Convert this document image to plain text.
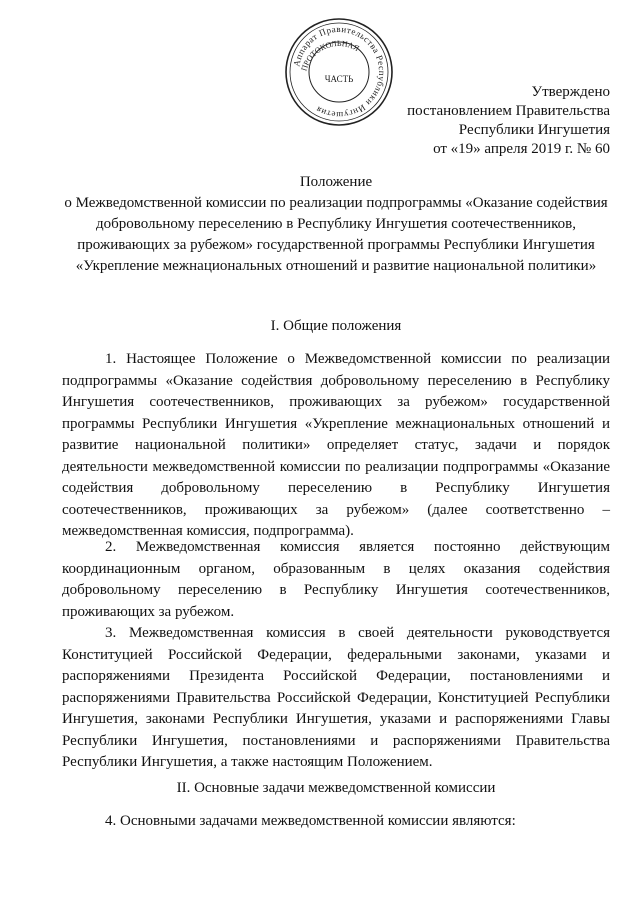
Аппарат Правительства Республики Ингушетия
ПРОТОКОЛЬНАЯ
ЧАСТЬ
Утверждено
постановлением Правительства
Республики Ингушетия
от «19» апреля 2019 г. № 60
Положение
о Межведомственной комиссии по реализации подпрограммы «Оказание содействия добровольному переселению в Республику Ингушетия соотечественников, проживающих за рубежом» государственной программы Республики Ингушетия «Укрепление межнациональных отношений и развитие национальной политики»
I. Общие положения

1. Настоящее Положение о Межведомственной комиссии по реализации подпрограммы «Оказание содействия добровольному переселению в Республику Ингушетия соотечественников, проживающих за рубежом» государственной программы Республики Ингушетия «Укрепление межнациональных отношений и развитие национальной политики» определяет статус, задачи и порядок деятельности межведомственной комиссии по реализации подпрограммы «Оказание содействия добровольному переселению в Республику Ингушетия соотечественников, проживающих за рубежом» (далее соответственно – межведомственная комиссия, подпрограмма).

2. Межведомственная комиссия является постоянно действующим координационным органом, образованным в целях оказания содействия добровольному переселению в Республику Ингушетия соотечественников, проживающих за рубежом.

3. Межведомственная комиссия в своей деятельности руководствуется Конституцией Российской Федерации, федеральными законами, указами и распоряжениями Президента Российской Федерации, постановлениями и распоряжениями Правительства Российской Федерации, Конституцией Республики Ингушетия, законами Республики Ингушетия, указами и распоряжениями Главы Республики Ингушетия, постановлениями и распоряжениями Правительства Республики Ингушетия, а также настоящим Положением.

II. Основные задачи межведомственной комиссии

4. Основными задачами межведомственной комиссии являются:
